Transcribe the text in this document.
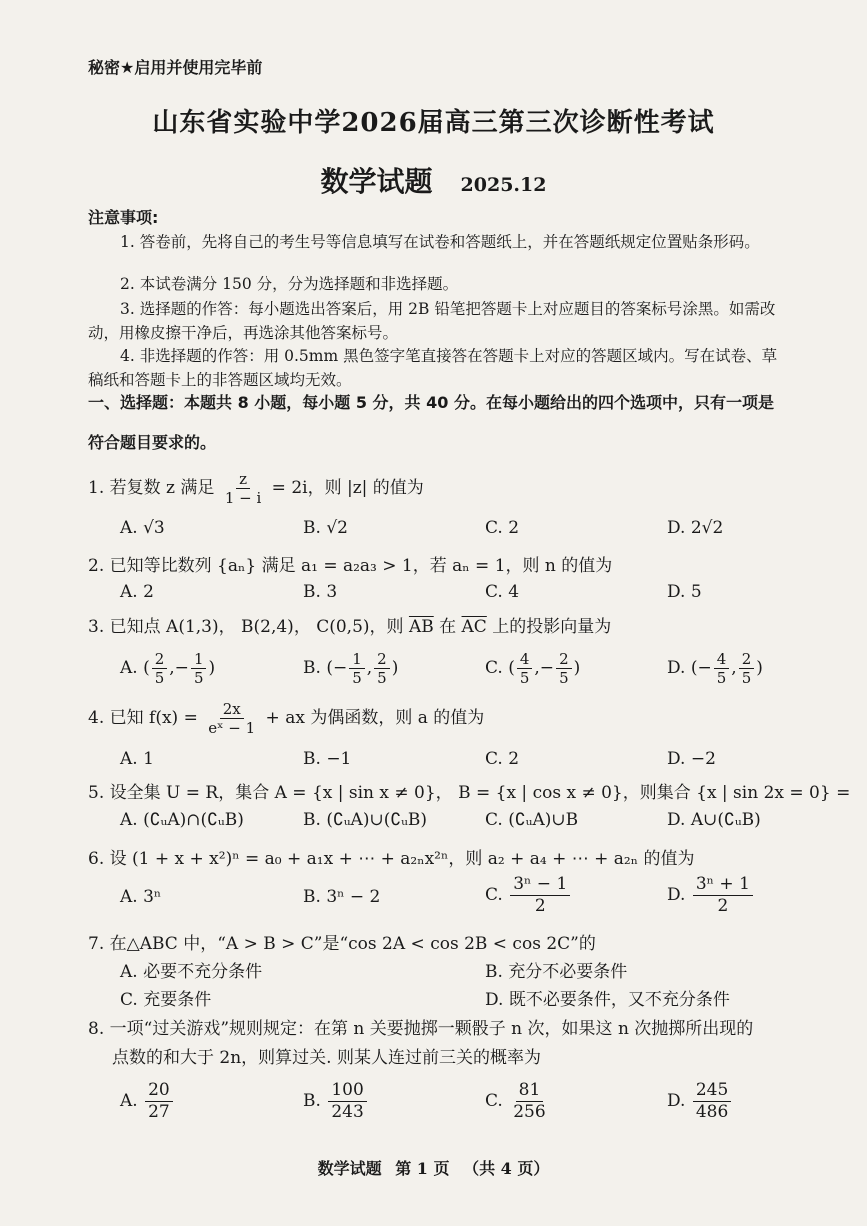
秘密★启用并使用完毕前
山东省实验中学2026届高三第三次诊断性考试
数学试题 2025.12
注意事项:
1. 答卷前，先将自己的考生号等信息填写在试卷和答题纸上，并在答题纸规定位置贴条形码。
2. 本试卷满分 150 分，分为选择题和非选择题。
3. 选择题的作答：每小题选出答案后，用 2B 铅笔把答题卡上对应题目的答案标号涂黑。如需改动，用橡皮擦干净后，再选涂其他答案标号。
4. 非选择题的作答：用 0.5mm 黑色签字笔直接答在答题卡上对应的答题区域内。写在试卷、草稿纸和答题卡上的非答题区域均无效。
一、选择题：本题共 8 小题，每小题 5 分，共 40 分。在每小题给出的四个选项中，只有一项是符合题目要求的。
1. 若复数 z 满足 $\frac{z}{1 - i} = 2i$，则 |z| 的值为
A. √3	B. √2	C. 2	D. 2√2
2. 已知等比数列 {aₙ} 满足 a₁ = a₂a₃ > 1，若 aₙ = 1，则 n 的值为
A. 2	B. 3	C. 4	D. 5
3. 已知点 A(1,3)， B(2,4)， C(0,5)，则 $\overline{AB}$ 在 $\overline{AC}$ 上的投影向量为
A. ( $\frac{2}{5}$ ,− $\frac{1}{5}$ )	B. (− $\frac{1}{5}$ , $\frac{2}{5}$ )	C. ( $\frac{4}{5}$ ,− $\frac{2}{5}$ )	D. (− $\frac{4}{5}$ , $\frac{2}{5}$ )
4. 已知 $f(x) = \frac{2x}{\text{eˣ − 1}}$ + ax 为偶函数，则 a 的值为
A. 1	B. −1	C. 2	D. −2
5. 设全集 U = R，集合 A = {x | sin x ≠ 0}， B = {x | cos x ≠ 0}，则集合 {x | sin 2x = 0} =
A. (∁ᵤA)∩(∁ᵤB)	B. (∁ᵤA)∪(∁ᵤB)	C. (∁ᵤA)∪B	D. A∪(∁ᵤB)
6. 设 (1 + x + x²)ⁿ = a₀ + a₁x + ⋯ + a₂ₙx²ⁿ，则 a₂ + a₄ + ⋯ + a₂ₙ 的值为
A. 3ⁿ	B. 3ⁿ − 2	C. $\frac{\text{3ⁿ − 1}}{2}$	D. $\frac{\text{3ⁿ + 1}}{2}$
7. 在△ABC 中，“A > B > C”是“cos 2A < cos 2B < cos 2C”的
A. 必要不充分条件	B. 充分不必要条件
C. 充要条件	D. 既不必要条件，又不充分条件
8. 一项“过关游戏”规则规定：在第 n 关要抛掷一颗骰子 n 次，如果这 n 次抛掷所出现的
点数的和大于 2n，则算过关. 则某人连过前三关的概率为
A. $\frac{20}{27}$	B. $\frac{100}{243}$	C. $\frac{81}{256}$	D. $\frac{245}{486}$
数学试题 第 1 页 （共 4 页）
